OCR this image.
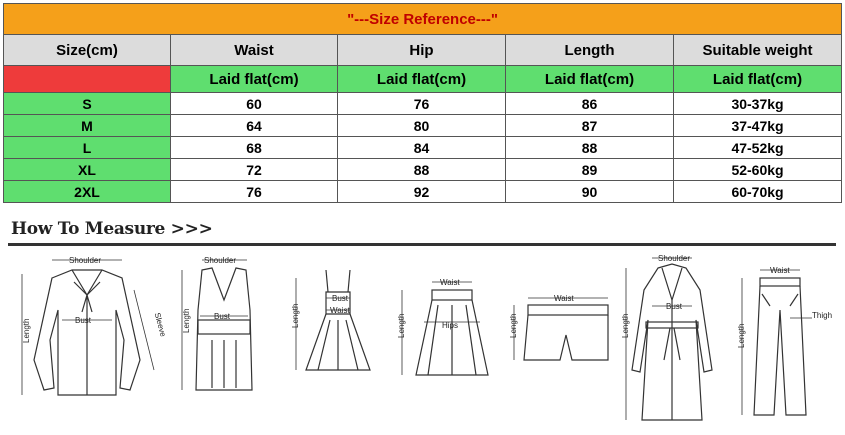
"---Size Reference---"				
Size(cm)	Waist	Hip	Length	Suitable weight
	Laid flat(cm)	Laid flat(cm)	Laid flat(cm)	Laid flat(cm)
S	60	76	86	30-37kg
M	64	80	87	37-47kg
L	68	84	88	47-52kg
XL	72	88	89	52-60kg
2XL	76	92	90	60-70kg
How To Measure >>>
Shoulder
Bust
Length	Sleeve
Shoulder
Bust
Length
Bust
Waist
Length
Waist
Hips
Length
Waist
Length
Shoulder
Bust
Length
Waist
Thigh
Length
